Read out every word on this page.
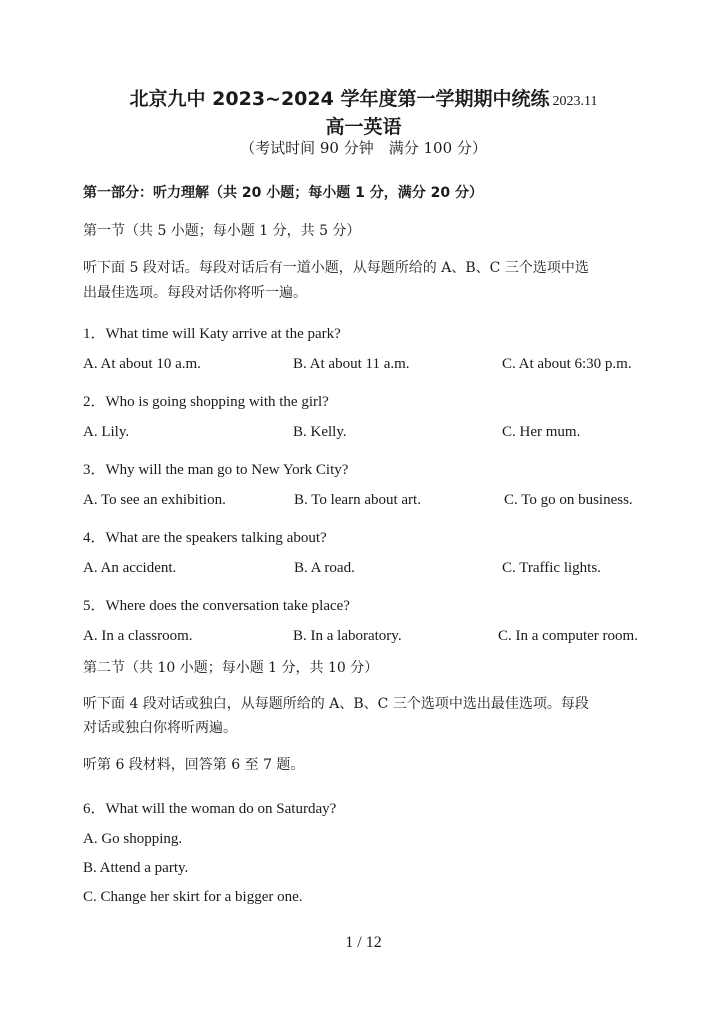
北京九中 2023~2024 学年度第一学期期中统练 2023.11
高一英语
（考试时间 90 分钟　满分 100 分）
第一部分：听力理解（共 20 小题；每小题 1 分，满分 20 分）
第一节（共 5 小题；每小题 1 分，共 5 分）
听下面 5 段对话。每段对话后有一道小题，从每题所给的 A、B、C 三个选项中选
出最佳选项。每段对话你将听一遍。
1．What time will Katy arrive at the park?
A. At about 10 a.m.	B. At about 11 a.m.	C. At about 6:30 p.m.
2．Who is going shopping with the girl?
A. Lily.	B. Kelly.	C. Her mum.
3．Why will the man go to New York City?
A. To see an exhibition.	B. To learn about art.	C. To go on business.
4．What are the speakers talking about?
A. An accident.	B. A road.	C. Traffic lights.
5．Where does the conversation take place?
A. In a classroom.	B. In a laboratory.	C. In a computer room.
第二节（共 10 小题；每小题 1 分，共 10 分）
听下面 4 段对话或独白，从每题所给的 A、B、C 三个选项中选出最佳选项。每段
对话或独白你将听两遍。
听第 6 段材料，回答第 6 至 7 题。
6．What will the woman do on Saturday?
A. Go shopping.
B. Attend a party.
C. Change her skirt for a bigger one.
1 / 12
